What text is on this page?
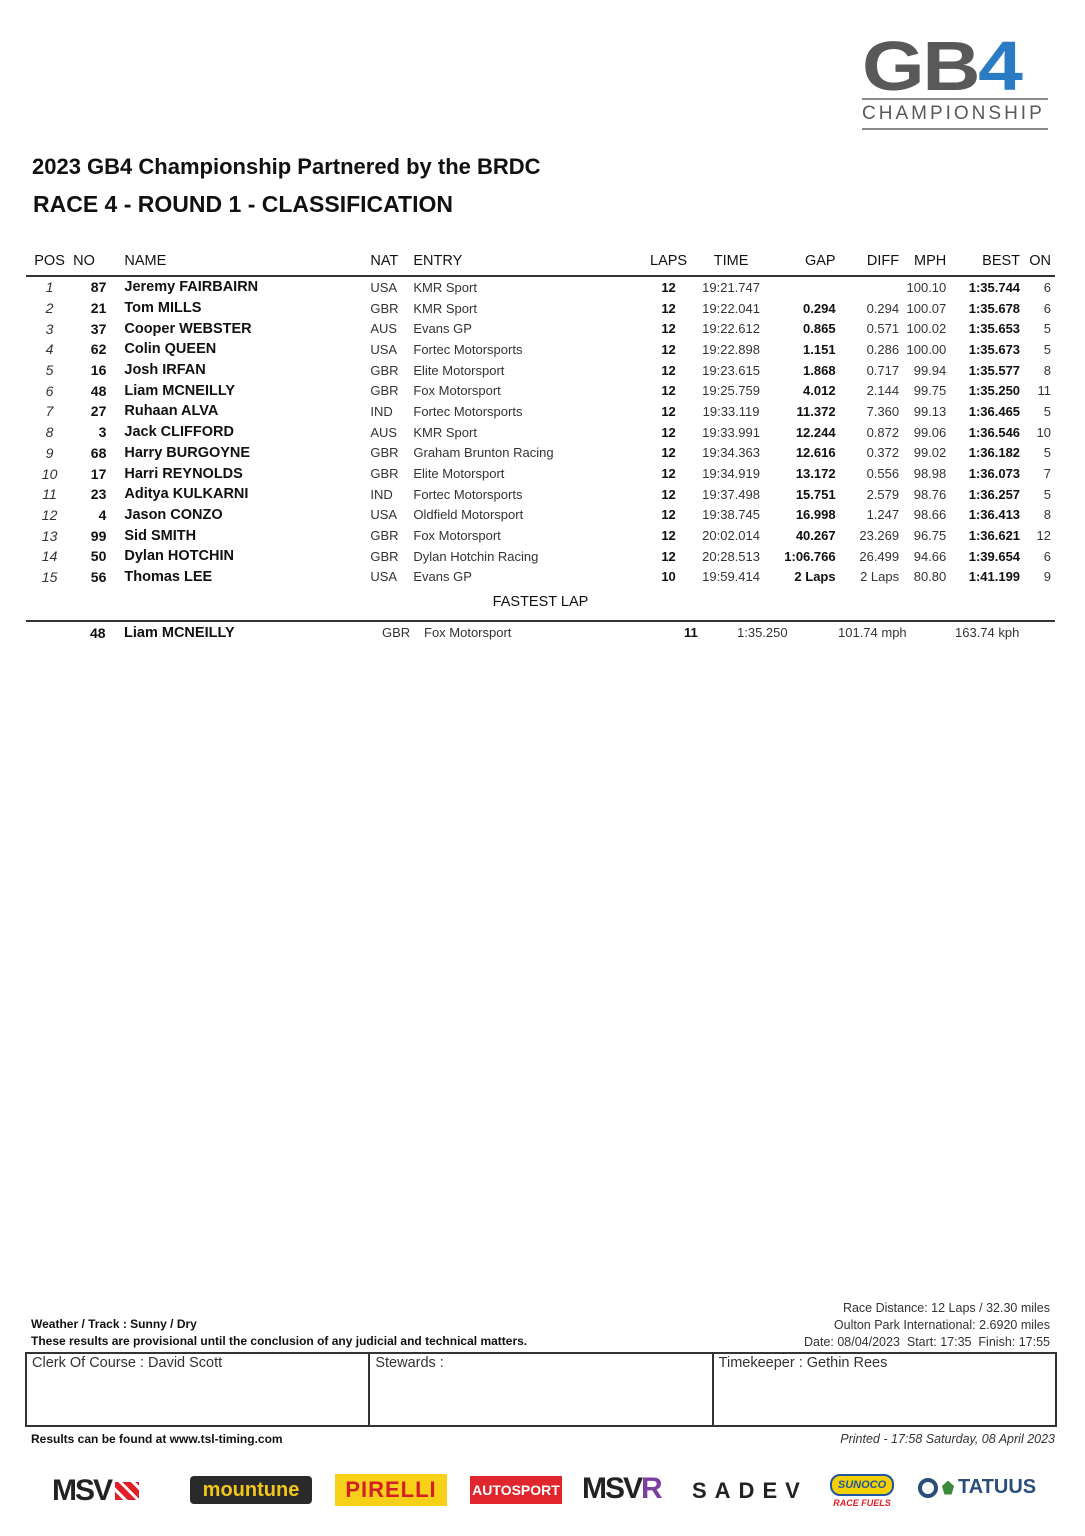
GB4
CHAMPIONSHIP
2023 GB4 Championship Partnered by the BRDC
RACE 4 - ROUND 1 - CLASSIFICATION
POS	NO	NAME	NAT	ENTRY	LAPS	TIME	GAP	DIFF	MPH	BEST	ON
1	87	Jeremy FAIRBAIRN	USA	KMR Sport	12	19:21.747			100.10	1:35.744	6
2	21	Tom MILLS	GBR	KMR Sport	12	19:22.041	0.294	0.294	100.07	1:35.678	6
3	37	Cooper WEBSTER	AUS	Evans GP	12	19:22.612	0.865	0.571	100.02	1:35.653	5
4	62	Colin QUEEN	USA	Fortec Motorsports	12	19:22.898	1.151	0.286	100.00	1:35.673	5
5	16	Josh IRFAN	GBR	Elite Motorsport	12	19:23.615	1.868	0.717	99.94	1:35.577	8
6	48	Liam MCNEILLY	GBR	Fox Motorsport	12	19:25.759	4.012	2.144	99.75	1:35.250	11
7	27	Ruhaan ALVA	IND	Fortec Motorsports	12	19:33.119	11.372	7.360	99.13	1:36.465	5
8	3	Jack CLIFFORD	AUS	KMR Sport	12	19:33.991	12.244	0.872	99.06	1:36.546	10
9	68	Harry BURGOYNE	GBR	Graham Brunton Racing	12	19:34.363	12.616	0.372	99.02	1:36.182	5
10	17	Harri REYNOLDS	GBR	Elite Motorsport	12	19:34.919	13.172	0.556	98.98	1:36.073	7
11	23	Aditya KULKARNI	IND	Fortec Motorsports	12	19:37.498	15.751	2.579	98.76	1:36.257	5
12	4	Jason CONZO	USA	Oldfield Motorsport	12	19:38.745	16.998	1.247	98.66	1:36.413	8
13	99	Sid SMITH	GBR	Fox Motorsport	12	20:02.014	40.267	23.269	96.75	1:36.621	12
14	50	Dylan HOTCHIN	GBR	Dylan Hotchin Racing	12	20:28.513	1:06.766	26.499	94.66	1:39.654	6
15	56	Thomas LEE	USA	Evans GP	10	19:59.414	2 Laps	2 Laps	80.80	1:41.199	9
FASTEST LAP
48 Liam MCNEILLY	GBR Fox Motorsport	11	1:35.250	101.74 mph	163.74 kph
Race Distance: 12 Laps / 32.30 miles
Oulton Park International: 2.6920 miles
Date: 08/04/2023  Start: 17:35  Finish: 17:55
Weather / Track : Sunny / Dry
These results are provisional until the conclusion of any judicial and technical matters.
Clerk Of Course : David Scott	Stewards :	Timekeeper : Gethin Rees
Results can be found at www.tsl-timing.com	Printed - 17:58 Saturday, 08 April 2023
MSV	mountune	PIRELLI	AUTOSPORT MSV R SADEV	SUNOCO
RACE FUELS
TATUUS
